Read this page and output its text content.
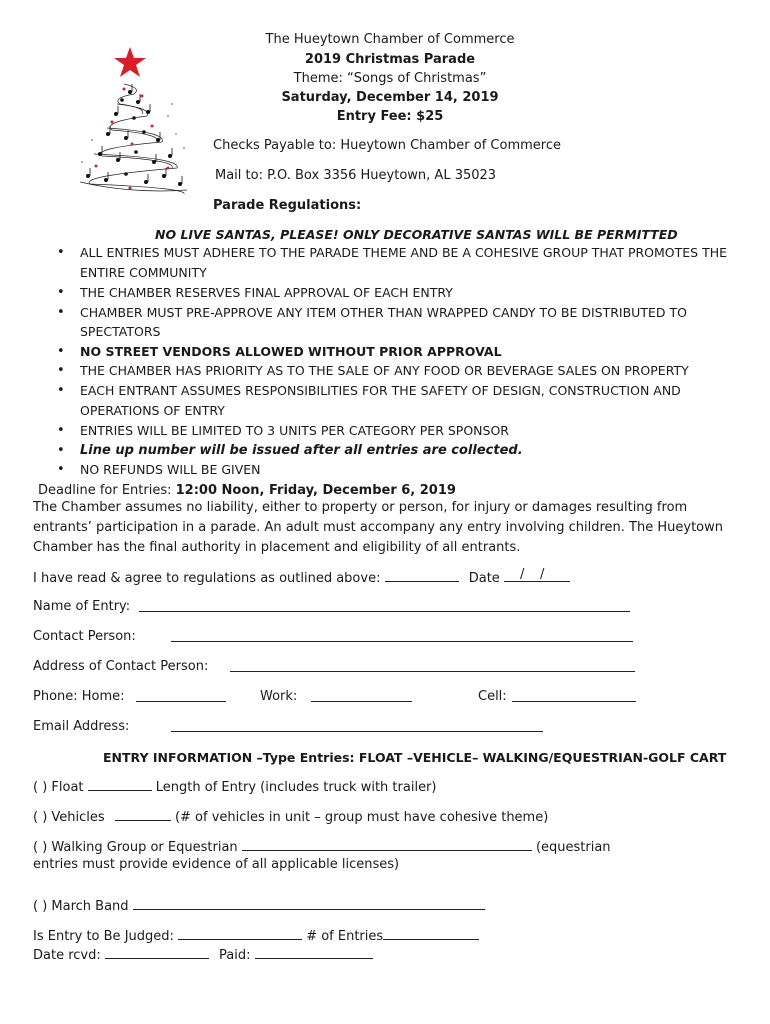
The Hueytown Chamber of Commerce
2019 Christmas Parade
Theme: “Songs of Christmas”
Saturday, December 14, 2019
Entry Fee: $25
Checks Payable to: Hueytown Chamber of Commerce
Mail to: P.O. Box 3356 Hueytown, AL 35023
Parade Regulations:
NO LIVE SANTAS, PLEASE! ONLY DECORATIVE SANTAS WILL BE PERMITTED
• ALL ENTRIES MUST ADHERE TO THE PARADE THEME AND BE A COHESIVE GROUP THAT PROMOTES THE
ENTIRE COMMUNITY
• THE CHAMBER RESERVES FINAL APPROVAL OF EACH ENTRY
• CHAMBER MUST PRE-APPROVE ANY ITEM OTHER THAN WRAPPED CANDY TO BE DISTRIBUTED TO
SPECTATORS
• NO STREET VENDORS ALLOWED WITHOUT PRIOR APPROVAL
• THE CHAMBER HAS PRIORITY AS TO THE SALE OF ANY FOOD OR BEVERAGE SALES ON PROPERTY
• EACH ENTRANT ASSUMES RESPONSIBILITIES FOR THE SAFETY OF DESIGN, CONSTRUCTION AND
OPERATIONS OF ENTRY
• ENTRIES WILL BE LIMITED TO 3 UNITS PER CATEGORY PER SPONSOR
• Line up number will be issued after all entries are collected.
• NO REFUNDS WILL BE GIVEN
Deadline for Entries: 12:00 Noon, Friday, December 6, 2019
The Chamber assumes no liability, either to property or person, for injury or damages resulting from
entrants’ participation in a parade. An adult must accompany any entry involving children. The Hueytown
Chamber has the final authority in placement and eligibility of all entrants.
I have read & agree to regulations as outlined above:	Date / /
Name of Entry:
Contact Person:
Address of Contact Person:
Phone: Home:	Work:	Cell:
Email Address:
ENTRY INFORMATION –Type Entries: FLOAT –VEHICLE– WALKING/EQUESTRIAN-GOLF CART
( ) Float	Length of Entry (includes truck with trailer)
( ) Vehicles	(# of vehicles in unit – group must have cohesive theme)
( ) Walking Group or Equestrian	(equestrian
entries must provide evidence of all applicable licenses)
( ) March Band
Is Entry to Be Judged:	# of Entries
Date rcvd:	Paid:
